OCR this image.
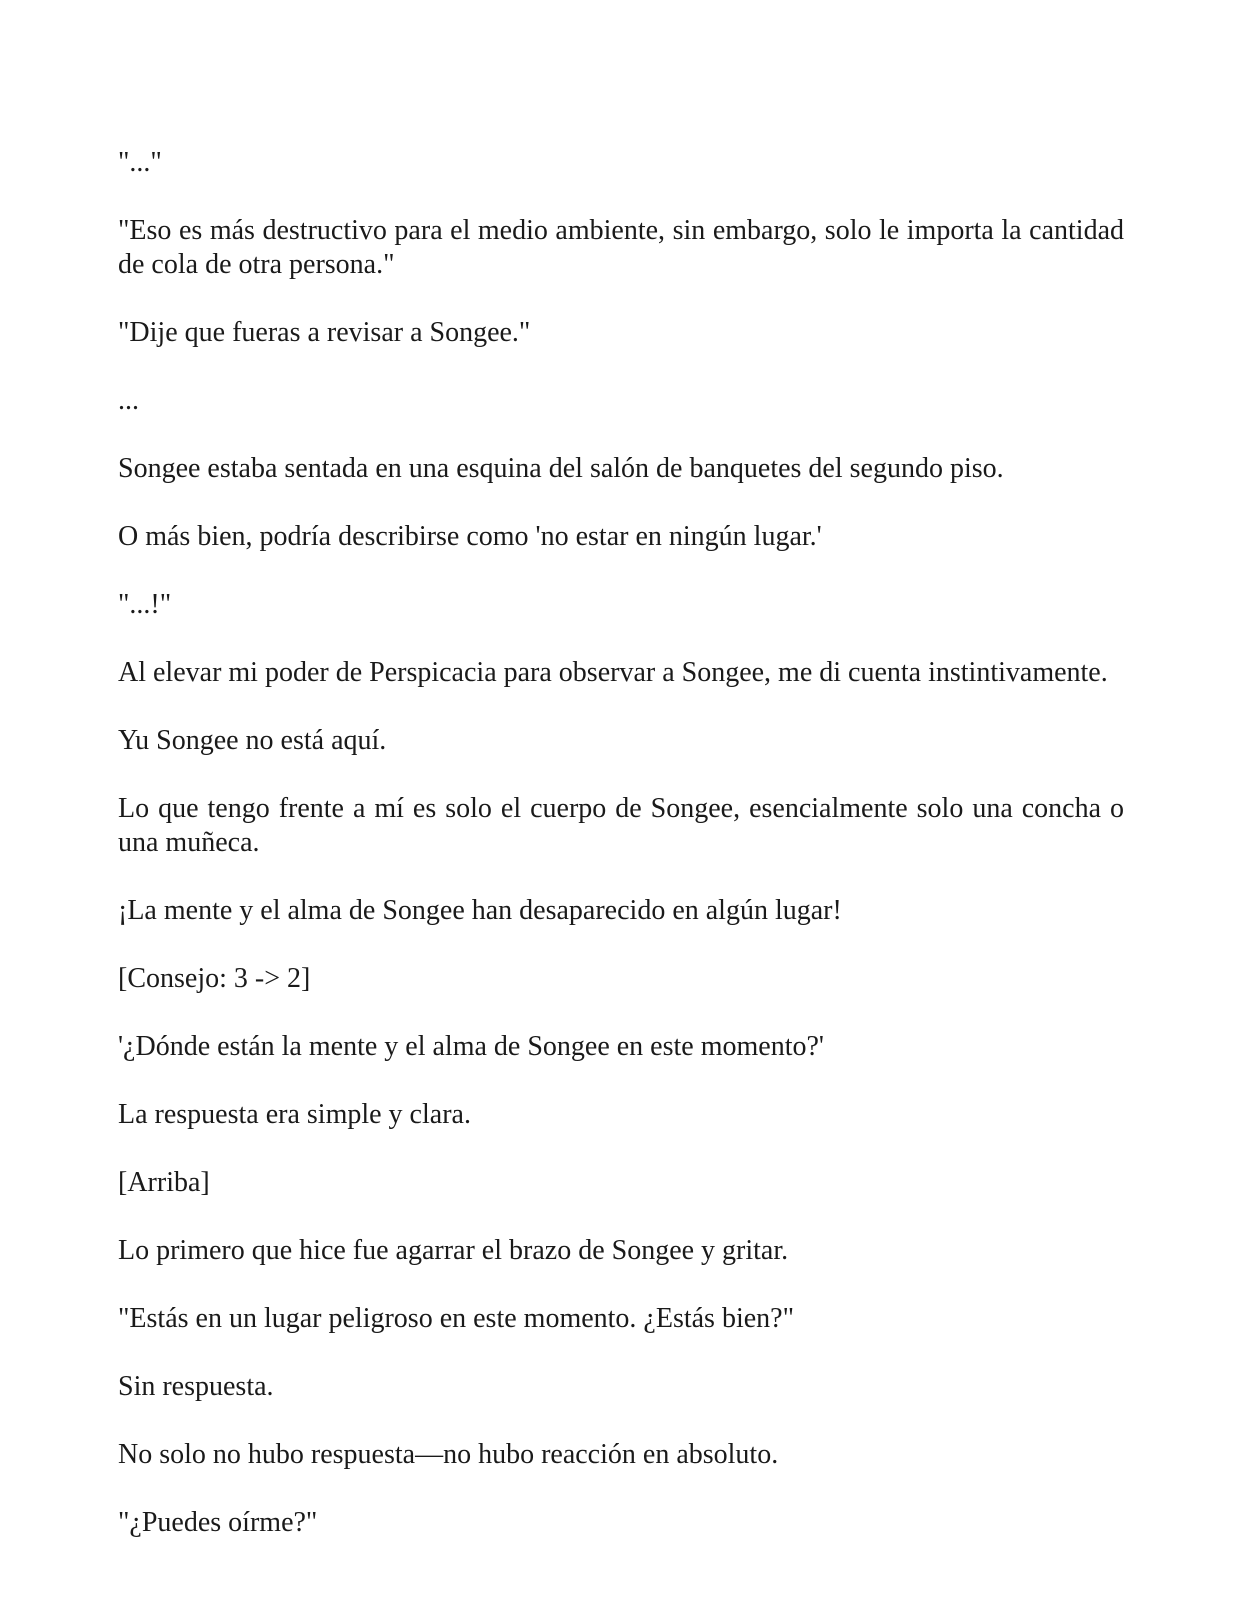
"..."

"Eso es más destructivo para el medio ambiente, sin embargo, solo le importa la cantidad de cola de otra persona."

"Dije que fueras a revisar a Songee."

...

Songee estaba sentada en una esquina del salón de banquetes del segundo piso.

O más bien, podría describirse como 'no estar en ningún lugar.'

"...!"

Al elevar mi poder de Perspicacia para observar a Songee, me di cuenta instintivamente.

Yu Songee no está aquí.

Lo que tengo frente a mí es solo el cuerpo de Songee, esencialmente solo una concha o una muñeca.

¡La mente y el alma de Songee han desaparecido en algún lugar!

[Consejo: 3 -> 2]

'¿Dónde están la mente y el alma de Songee en este momento?'

La respuesta era simple y clara.

[Arriba]

Lo primero que hice fue agarrar el brazo de Songee y gritar.

"Estás en un lugar peligroso en este momento. ¿Estás bien?"

Sin respuesta.

No solo no hubo respuesta—no hubo reacción en absoluto.

"¿Puedes oírme?"
